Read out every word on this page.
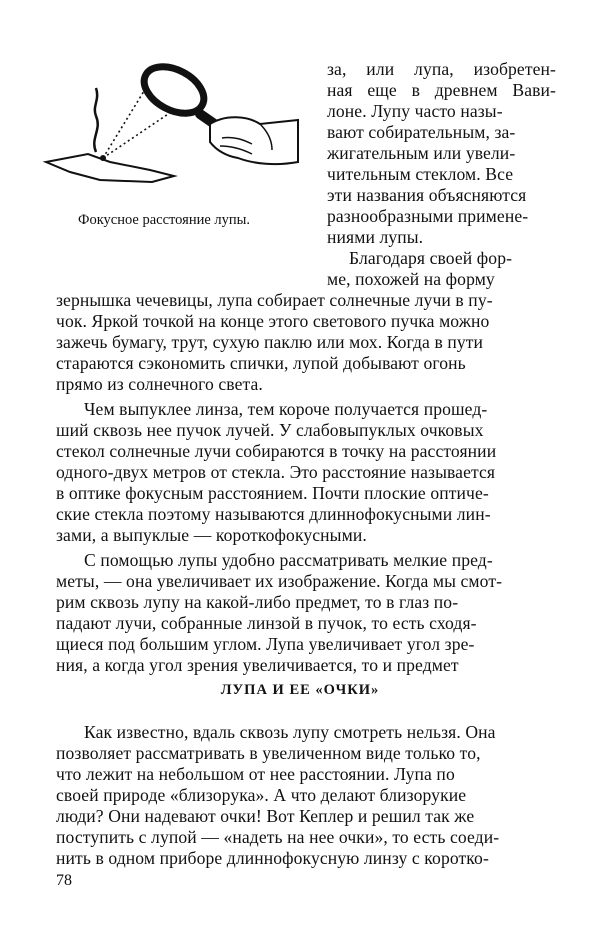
Фокусное расстояние лупы.

за, или лупа, изобретен-

ная еще в древнем Вави-

лоне. Лупу часто назы-

вают собирательным, за-

жигательным или увели-

чительным стеклом. Все

эти названия объясняются

разнообразными примене-

ниями лупы.

Благодаря своей фор-

ме, похожей на форму

зернышка чечевицы, лупа собирает солнечные лучи в пу-

чок. Яркой точкой на конце этого светового пучка можно

зажечь бумагу, трут, сухую паклю или мох. Когда в пути

стараются сэкономить спички, лупой добывают огонь

прямо из солнечного света.

Чем выпуклее линза, тем короче получается прошед-

ший сквозь нее пучок лучей. У слабовыпуклых очковых

стекол солнечные лучи собираются в точку на расстоянии

одного-двух метров от стекла. Это расстояние называется

в оптике фокусным расстоянием. Почти плоские оптиче-

ские стекла поэтому называются длиннофокусными лин-

зами, а выпуклые — короткофокусными.

С помощью лупы удобно рассматривать мелкие пред-

меты, — она увеличивает их изображение. Когда мы смот-

рим сквозь лупу на какой-либо предмет, то в глаз по-

падают лучи, собранные линзой в пучок, то есть сходя-

щиеся под большим углом. Лупа увеличивает угол зре-

ния, а когда угол зрения увеличивается, то и предмет

ЛУПА И ЕЕ «ОЧКИ»

Как известно, вдаль сквозь лупу смотреть нельзя. Она

позволяет рассматривать в увеличенном виде только то,

что лежит на небольшом от нее расстоянии. Лупа по

своей природе «близорука». А что делают близорукие

люди? Они надевают очки! Вот Кеплер и решил так же

поступить с лупой — «надеть на нее очки», то есть соеди-

нить в одном приборе длиннофокусную линзу с коротко-

78
